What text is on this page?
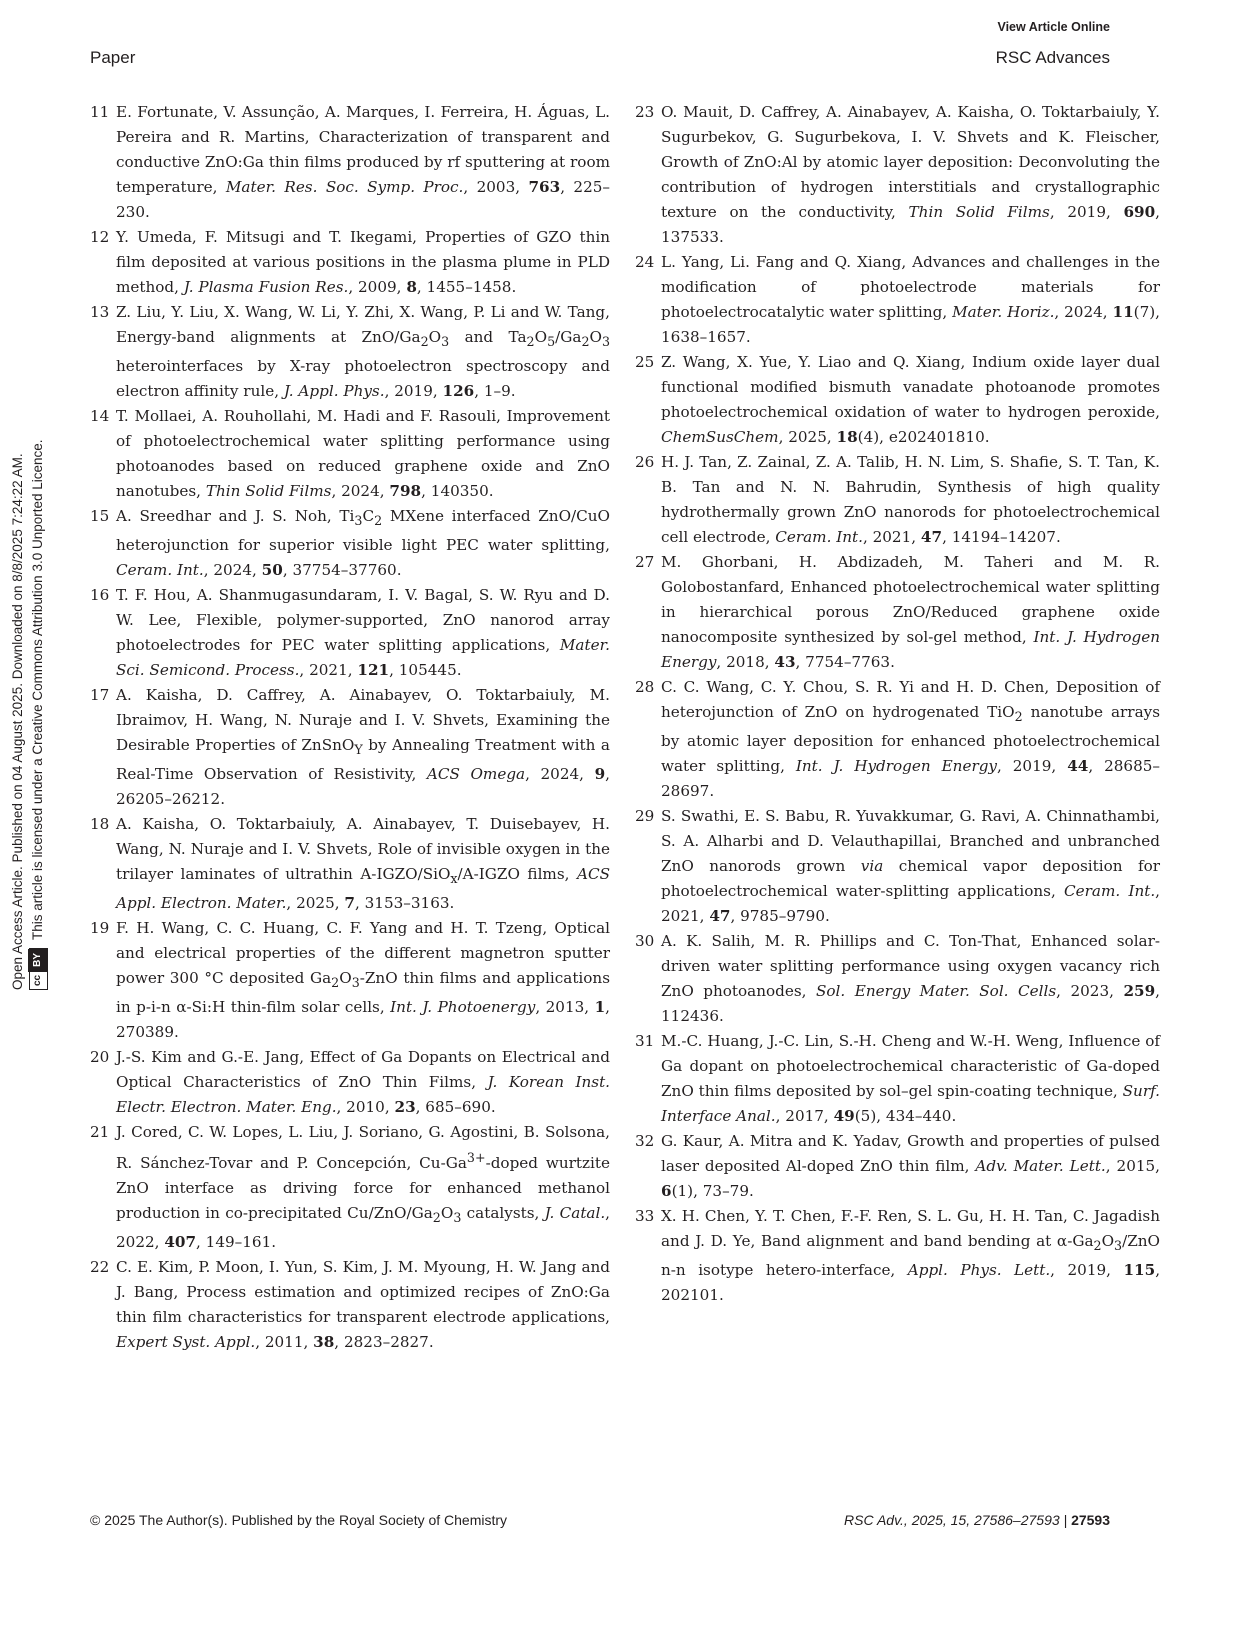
View Article Online
Paper	RSC Advances
Open Access Article. Published on 04 August 2025. Downloaded on 8/8/2025 7:24:22 AM. cc
BY
This article is licensed under a Creative Commons Attribution 3.0 Unported Licence.
11 E. Fortunate, V. Assunção, A. Marques, I. Ferreira, H. Águas, L. Pereira and R. Martins, Characterization of transparent and conductive ZnO:Ga thin films produced by rf sputtering at room temperature, Mater. Res. Soc. Symp. Proc., 2003, 763, 225–230.
12 Y. Umeda, F. Mitsugi and T. Ikegami, Properties of GZO thin film deposited at various positions in the plasma plume in PLD method, J. Plasma Fusion Res., 2009, 8, 1455–1458.
13 Z. Liu, Y. Liu, X. Wang, W. Li, Y. Zhi, X. Wang, P. Li and W. Tang, Energy-band alignments at ZnO/$Ga_2O_3$ and $Ta_2O_5/Ga_2O_3$ heterointerfaces by X-ray photoelectron spectroscopy and electron affinity rule, J. Appl. Phys., 2019, 126, 1–9.
14 T. Mollaei, A. Rouhollahi, M. Hadi and F. Rasouli, Improvement of photoelectrochemical water splitting performance using photoanodes based on reduced graphene oxide and ZnO nanotubes, Thin Solid Films, 2024, 798, 140350.
15 A. Sreedhar and J. S. Noh, $Ti_3C_2$ MXene interfaced ZnO/CuO heterojunction for superior visible light PEC water splitting, Ceram. Int., 2024, 50, 37754–37760.
16 T. F. Hou, A. Shanmugasundaram, I. V. Bagal, S. W. Ryu and D. W. Lee, Flexible, polymer-supported, ZnO nanorod array photoelectrodes for PEC water splitting applications, Mater. Sci. Semicond. Process., 2021, 121, 105445.
17 A. Kaisha, D. Caffrey, A. Ainabayev, O. Toktarbaiuly, M. Ibraimov, H. Wang, N. Nuraje and I. V. Shvets, Examining the Desirable Properties of ZnSnO$_Y$ by Annealing Treatment with a Real-Time Observation of Resistivity, ACS Omega, 2024, 9, 26205–26212.
18 A. Kaisha, O. Toktarbaiuly, A. Ainabayev, T. Duisebayev, H. Wang, N. Nuraje and I. V. Shvets, Role of invisible oxygen in the trilayer laminates of ultrathin A-IGZO/SiO$_x$/A-IGZO films, ACS Appl. Electron. Mater., 2025, 7, 3153–3163.
19 F. H. Wang, C. C. Huang, C. F. Yang and H. T. Tzeng, Optical and electrical properties of the different magnetron sputter power 300 °C deposited $Ga_2O_3$-ZnO thin films and applications in p-i-n α-Si:H thin-film solar cells, Int. J. Photoenergy, 2013, 1, 270389.
20 J.-S. Kim and G.-E. Jang, Effect of Ga Dopants on Electrical and Optical Characteristics of ZnO Thin Films, J. Korean Inst. Electr. Electron. Mater. Eng., 2010, 23, 685–690.
21 J. Cored, C. W. Lopes, L. Liu, J. Soriano, G. Agostini, B. Solsona, R. Sánchez-Tovar and P. Concepción, $Cu-Ga^{3+}$-doped wurtzite ZnO interface as driving force for enhanced methanol production in co-precipitated $Cu/ZnO/Ga_2O_3$ catalysts, J. Catal., 2022, 407, 149–161.
22 C. E. Kim, P. Moon, I. Yun, S. Kim, J. M. Myoung, H. W. Jang and J. Bang, Process estimation and optimized recipes of ZnO:Ga thin film characteristics for transparent electrode applications, Expert Syst. Appl., 2011, 38, 2823–2827.
23 O. Mauit, D. Caffrey, A. Ainabayev, A. Kaisha, O. Toktarbaiuly, Y. Sugurbekov, G. Sugurbekova, I. V. Shvets and K. Fleischer, Growth of ZnO:Al by atomic layer deposition: Deconvoluting the contribution of hydrogen interstitials and crystallographic texture on the conductivity, Thin Solid Films, 2019, 690, 137533.
24 L. Yang, Li. Fang and Q. Xiang, Advances and challenges in the modification of photoelectrode materials for photoelectrocatalytic water splitting, Mater. Horiz., 2024, 11(7), 1638–1657.
25 Z. Wang, X. Yue, Y. Liao and Q. Xiang, Indium oxide layer dual functional modified bismuth vanadate photoanode promotes photoelectrochemical oxidation of water to hydrogen peroxide, ChemSusChem, 2025, 18(4), e202401810.
26 H. J. Tan, Z. Zainal, Z. A. Talib, H. N. Lim, S. Shafie, S. T. Tan, K. B. Tan and N. N. Bahrudin, Synthesis of high quality hydrothermally grown ZnO nanorods for photoelectrochemical cell electrode, Ceram. Int., 2021, 47, 14194–14207.
27 M. Ghorbani, H. Abdizadeh, M. Taheri and M. R. Golobostanfard, Enhanced photoelectrochemical water splitting in hierarchical porous ZnO/Reduced graphene oxide nanocomposite synthesized by sol-gel method, Int. J. Hydrogen Energy, 2018, 43, 7754–7763.
28 C. C. Wang, C. Y. Chou, S. R. Yi and H. D. Chen, Deposition of heterojunction of ZnO on hydrogenated TiO$_2$ nanotube arrays by atomic layer deposition for enhanced photoelectrochemical water splitting, Int. J. Hydrogen Energy, 2019, 44, 28685–28697.
29 S. Swathi, E. S. Babu, R. Yuvakkumar, G. Ravi, A. Chinnathambi, S. A. Alharbi and D. Velauthapillai, Branched and unbranched ZnO nanorods grown via chemical vapor deposition for photoelectrochemical water-splitting applications, Ceram. Int., 2021, 47, 9785–9790.
30 A. K. Salih, M. R. Phillips and C. Ton-That, Enhanced solar-driven water splitting performance using oxygen vacancy rich ZnO photoanodes, Sol. Energy Mater. Sol. Cells, 2023, 259, 112436.
31 M.-C. Huang, J.-C. Lin, S.-H. Cheng and W.-H. Weng, Influence of Ga dopant on photoelectrochemical characteristic of Ga-doped ZnO thin films deposited by sol–gel spin-coating technique, Surf. Interface Anal., 2017, 49(5), 434–440.
32 G. Kaur, A. Mitra and K. Yadav, Growth and properties of pulsed laser deposited Al-doped ZnO thin film, Adv. Mater. Lett., 2015, 6(1), 73–79.
33 X. H. Chen, Y. T. Chen, F.-F. Ren, S. L. Gu, H. H. Tan, C. Jagadish and J. D. Ye, Band alignment and band bending at $\alpha-Ga_2O_3$/ZnO n-n isotype hetero-interface, Appl. Phys. Lett., 2019, 115, 202101.
© 2025 The Author(s). Published by the Royal Society of Chemistry	RSC Adv., 2025, 15, 27586–27593 | 27593
